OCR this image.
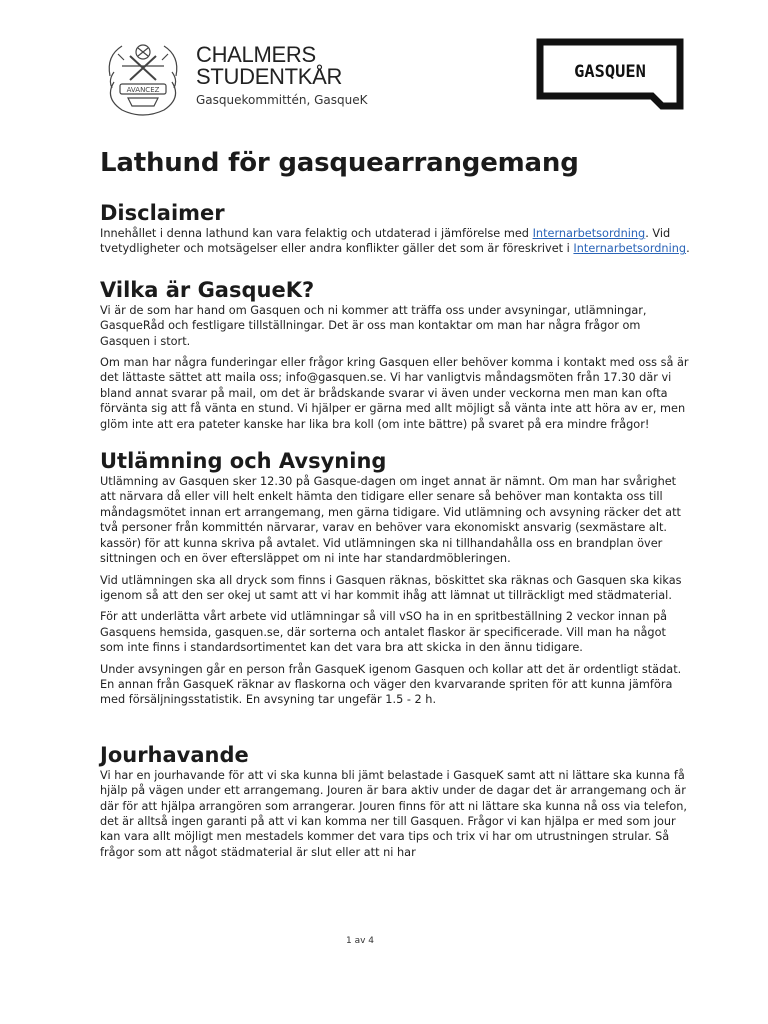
AVANCEZ
CHALMERS
STUDENTKÅR
Gasquekommittén, GasqueK
GASQUEN
Lathund för gasquearrangemang
Disclaimer

Innehållet i denna lathund kan vara felaktig och utdaterad i jämförelse med Internarbetsordning. Vid tvetydligheter och motsägelser eller andra konflikter gäller det som är föreskrivet i Internarbetsordning.

Vilka är GasqueK?

Vi är de som har hand om Gasquen och ni kommer att träffa oss under avsyningar, utlämningar, GasqueRåd och festligare tillställningar. Det är oss man kontaktar om man har några frågor om Gasquen i stort.

Om man har några funderingar eller frågor kring Gasquen eller behöver komma i kontakt med oss så är det lättaste sättet att maila oss; info@gasquen.se. Vi har vanligtvis måndagsmöten från 17.30 där vi bland annat svarar på mail, om det är brådskande svarar vi även under veckorna men man kan ofta förvänta sig att få vänta en stund. Vi hjälper er gärna med allt möjligt så vänta inte att höra av er, men glöm inte att era pateter kanske har lika bra koll (om inte bättre) på svaret på era mindre frågor!

Utlämning och Avsyning

Utlämning av Gasquen sker 12.30 på Gasque-dagen om inget annat är nämnt. Om man har svårighet att närvara då eller vill helt enkelt hämta den tidigare eller senare så behöver man kontakta oss till måndagsmötet innan ert arrangemang, men gärna tidigare. Vid utlämning och avsyning räcker det att två personer från kommittén närvarar, varav en behöver vara ekonomiskt ansvarig (sexmästare alt. kassör) för att kunna skriva på avtalet. Vid utlämningen ska ni tillhandahålla oss en brandplan över sittningen och en över eftersläppet om ni inte har standardmöbleringen.

Vid utlämningen ska all dryck som finns i Gasquen räknas, böskittet ska räknas och Gasquen ska kikas igenom så att den ser okej ut samt att vi har kommit ihåg att lämnat ut tillräckligt med städmaterial.

För att underlätta vårt arbete vid utlämningar så vill vSO ha in en spritbeställning 2 veckor innan på Gasquens hemsida, gasquen.se, där sorterna och antalet flaskor är specificerade. Vill man ha något som inte finns i standardsortimentet kan det vara bra att skicka in den ännu tidigare.

Under avsyningen går en person från GasqueK igenom Gasquen och kollar att det är ordentligt städat. En annan från GasqueK räknar av flaskorna och väger den kvarvarande spriten för att kunna jämföra med försäljningsstatistik. En avsyning tar ungefär 1.5 - 2 h.

Jourhavande

Vi har en jourhavande för att vi ska kunna bli jämt belastade i GasqueK samt att ni lättare ska kunna få hjälp på vägen under ett arrangemang. Jouren är bara aktiv under de dagar det är arrangemang och är där för att hjälpa arrangören som arrangerar. Jouren finns för att ni lättare ska kunna nå oss via telefon, det är alltså ingen garanti på att vi kan komma ner till Gasquen. Frågor vi kan hjälpa er med som jour kan vara allt möjligt men mestadels kommer det vara tips och trix vi har om utrustningen strular. Så frågor som att något städmaterial är slut eller att ni har

1 av 4
